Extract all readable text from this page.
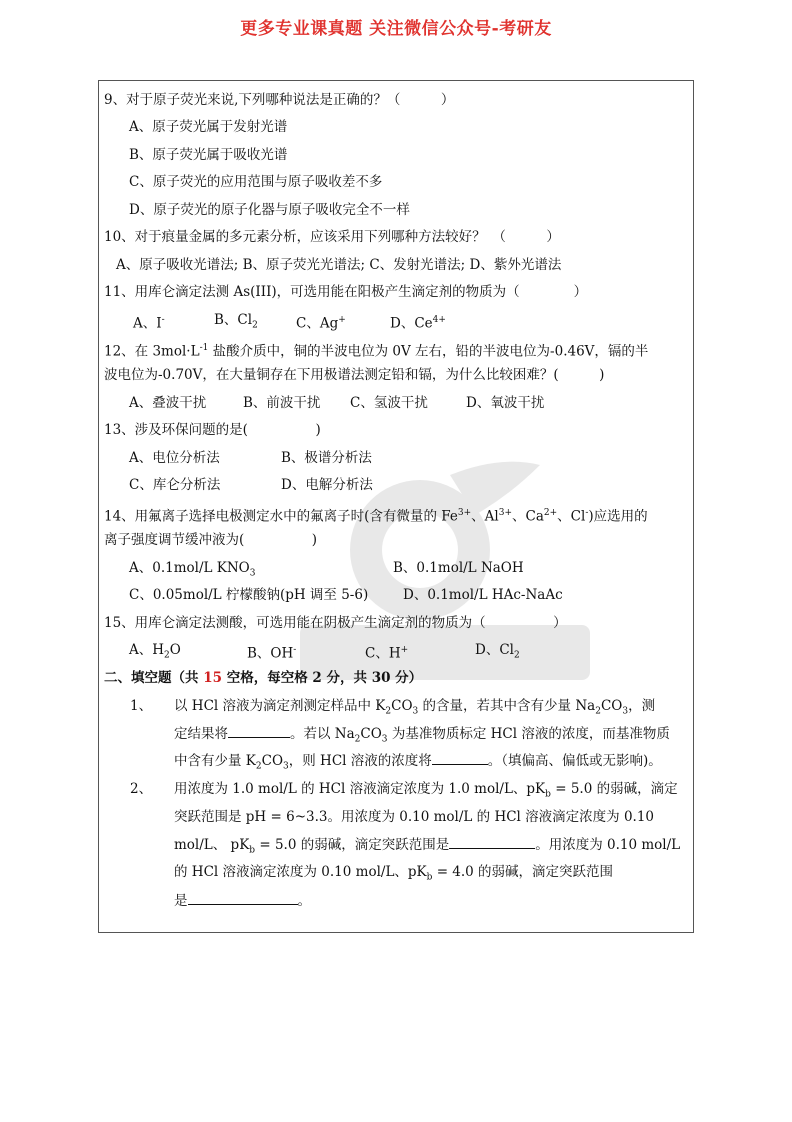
更多专业课真题 关注微信公众号-考研友
9、对于原子荧光来说,下列哪种说法是正确的？（　　　）
A、原子荧光属于发射光谱
B、原子荧光属于吸收光谱
C、原子荧光的应用范围与原子吸收差不多
D、原子荧光的原子化器与原子吸收完全不一样
10、对于痕量金属的多元素分析，应该采用下列哪种方法较好？　（　　　）
A、原子吸收光谱法; B、原子荧光光谱法; C、发射光谱法; D、紫外光谱法
11、用库仑滴定法测 As(III)，可选用能在阳极产生滴定剂的物质为（　　　　）
A、I-	B、$Cl_2$	C、Ag+	D、$Ce^{4+}$
12、在 $3mol\cdot L^{-1}$ 盐酸介质中，铜的半波电位为 0V 左右，铅的半波电位为-0.46V，镉的半
波电位为-0.70V，在大量铜存在下用极谱法测定铅和镉，为什么比较困难？(　　　)
A、叠波干扰	B、前波干扰 C、氢波干扰	D、氧波干扰
13、涉及环保问题的是(　　　　　)
A、电位分析法	B、极谱分析法
C、库仑分析法	D、电解分析法
14、用氟离子选择电极测定水中的氟离子时(含有微量的 $Fe^{3+}$、$Al^{3+}$、$Ca^{2+}$、Cl-)应选用的
离子强度调节缓冲液为(　　　　　)
A、0.1mol/L $KNO_3$	B、0.1mol/L NaOH
C、0.05mol/L 柠檬酸钠(pH 调至 5-6)	D、0.1mol/L HAc-NaAc
15、用库仑滴定法测酸，可选用能在阴极产生滴定剂的物质为（　　　　　）
A、$H_2O$	B、OH-	C、H+	D、$Cl_2$
二、填空题（共 15 空格，每空格 2 分，共 30 分）
1、 以 HCl 溶液为滴定剂测定样品中 $K_2CO_3$ 的含量，若其中含有少量 $Na_2CO_3$，测
定结果将	。若以 $Na_2CO_3$ 为基准物质标定 HCl 溶液的浓度，而基准物质
中含有少量 $K_2CO_3$，则 HCl 溶液的浓度将	。（填偏高、偏低或无影响)。
2、 用浓度为 1.0 mol/L 的 HCl 溶液滴定浓度为 1.0 mol/L、$pK_b = 5.0$ 的弱碱，滴定
突跃范围是 pH = 6~3.3。用浓度为 0.10 mol/L 的 HCl 溶液滴定浓度为 0.10
mol/L、 $pK_b = 5.0$ 的弱碱，滴定突跃范围是	。用浓度为 0.10 mol/L
的 HCl 溶液滴定浓度为 0.10 mol/L、$pK_b = 4.0$ 的弱碱，滴定突跃范围
是	。
